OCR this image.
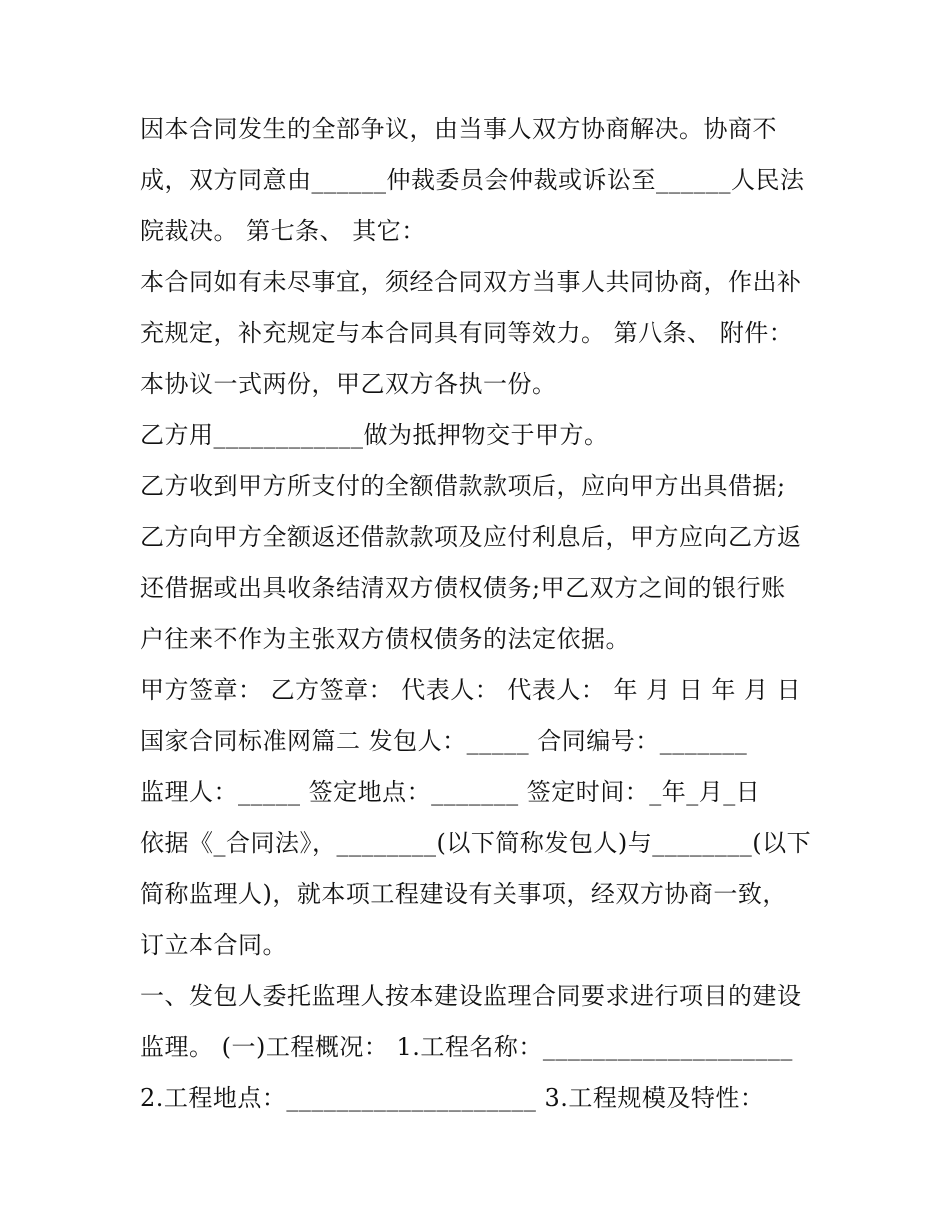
因本合同发生的全部争议，由当事人双方协商解决。协商不
成，双方同意由______仲裁委员会仲裁或诉讼至______人民法
院裁决。 第七条、 其它：
本合同如有未尽事宜，须经合同双方当事人共同协商，作出补
充规定，补充规定与本合同具有同等效力。 第八条、 附件：
本协议一式两份，甲乙双方各执一份。
乙方用____________做为抵押物交于甲方。
乙方收到甲方所支付的全额借款款项后，应向甲方出具借据;
乙方向甲方全额返还借款款项及应付利息后，甲方应向乙方返
还借据或出具收条结清双方债权债务;甲乙双方之间的银行账
户往来不作为主张双方债权债务的法定依据。
甲方签章： 乙方签章： 代表人： 代表人： 年 月 日 年 月 日
国家合同标准网篇二 发包人：_____ 合同编号：_______
监理人：_____ 签定地点：_______ 签定时间：_年_月_日
依据《_合同法》，________(以下简称发包人)与________(以下
简称监理人)，就本项工程建设有关事项，经双方协商一致，
订立本合同。
一、发包人委托监理人按本建设监理合同要求进行项目的建设
监理。 (一)工程概况： 1.工程名称：____________________
2.工程地点：____________________ 3.工程规模及特性：
